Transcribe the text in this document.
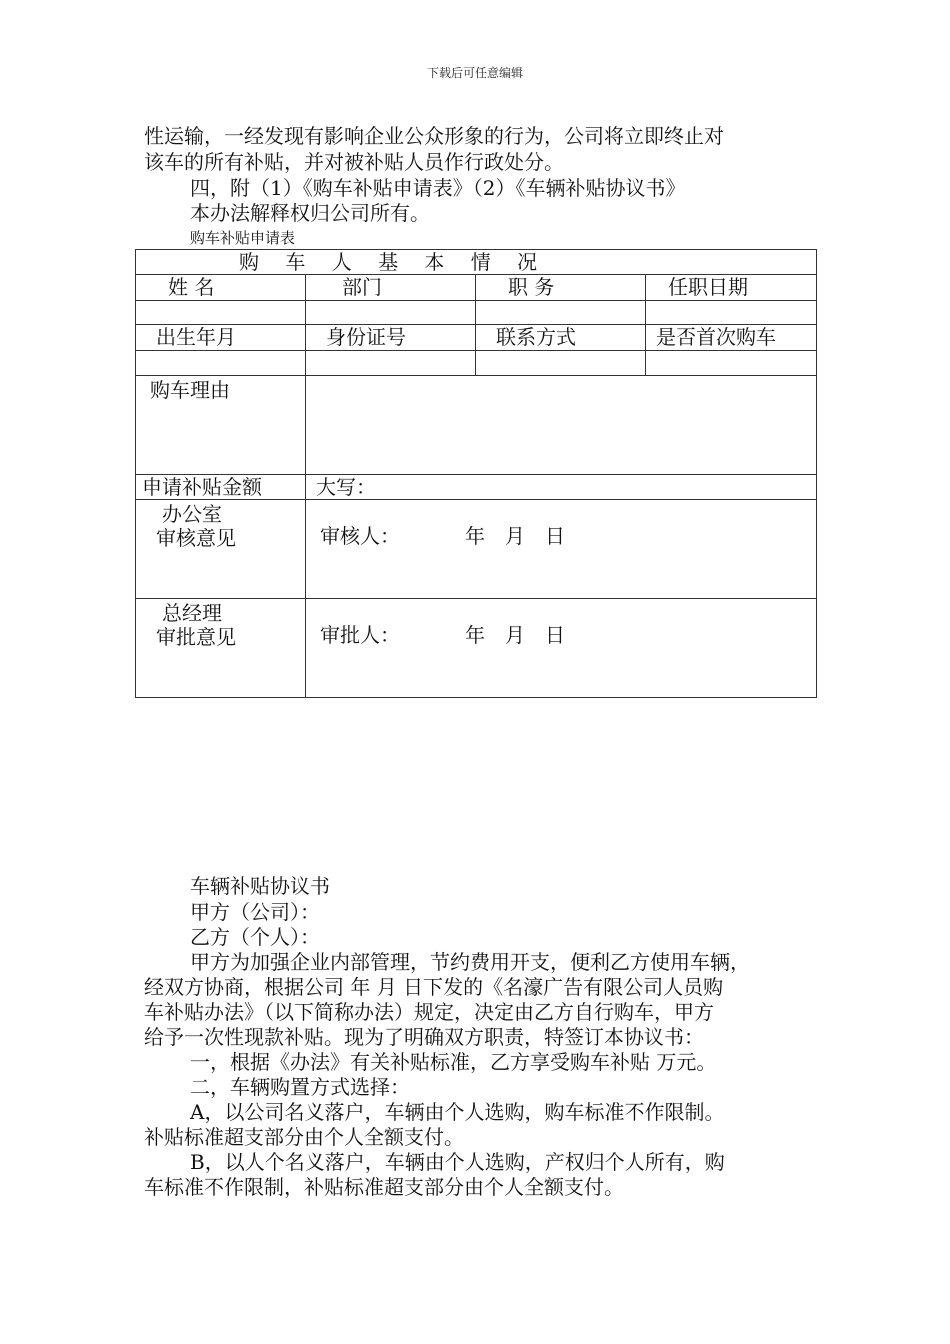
下载后可任意编辑
性运输，一经发现有影响企业公众形象的行为，公司将立即终止对
该车的所有补贴，并对被补贴人员作行政处分。
四，附（1）《购车补贴申请表》（2）《车辆补贴协议书》
本办法解释权归公司所有。
购车补贴申请表
购 车 人 基 本 情 况			
姓 名	部门	职 务	任职日期

出生年月	身份证号	联系方式	是否首次购车

购车理由			
申请补贴金额	大写：		

办公室
审核意见	审核人： 年 月 日		

总经理
审批意见	审批人： 年 月 日		
车辆补贴协议书
甲方（公司）：
乙方（个人）：
甲方为加强企业内部管理，节约费用开支，便利乙方使用车辆，
经双方协商，根据公司 年 月 日下发的《名濠广告有限公司人员购
车补贴办法》（以下简称办法）规定，决定由乙方自行购车，甲方
给予一次性现款补贴。现为了明确双方职责，特签订本协议书：
一，根据《办法》有关补贴标准，乙方享受购车补贴 万元。
二，车辆购置方式选择：
A，以公司名义落户，车辆由个人选购，购车标准不作限制。
补贴标准超支部分由个人全额支付。
B，以人个名义落户，车辆由个人选购，产权归个人所有，购
车标准不作限制，补贴标准超支部分由个人全额支付。
